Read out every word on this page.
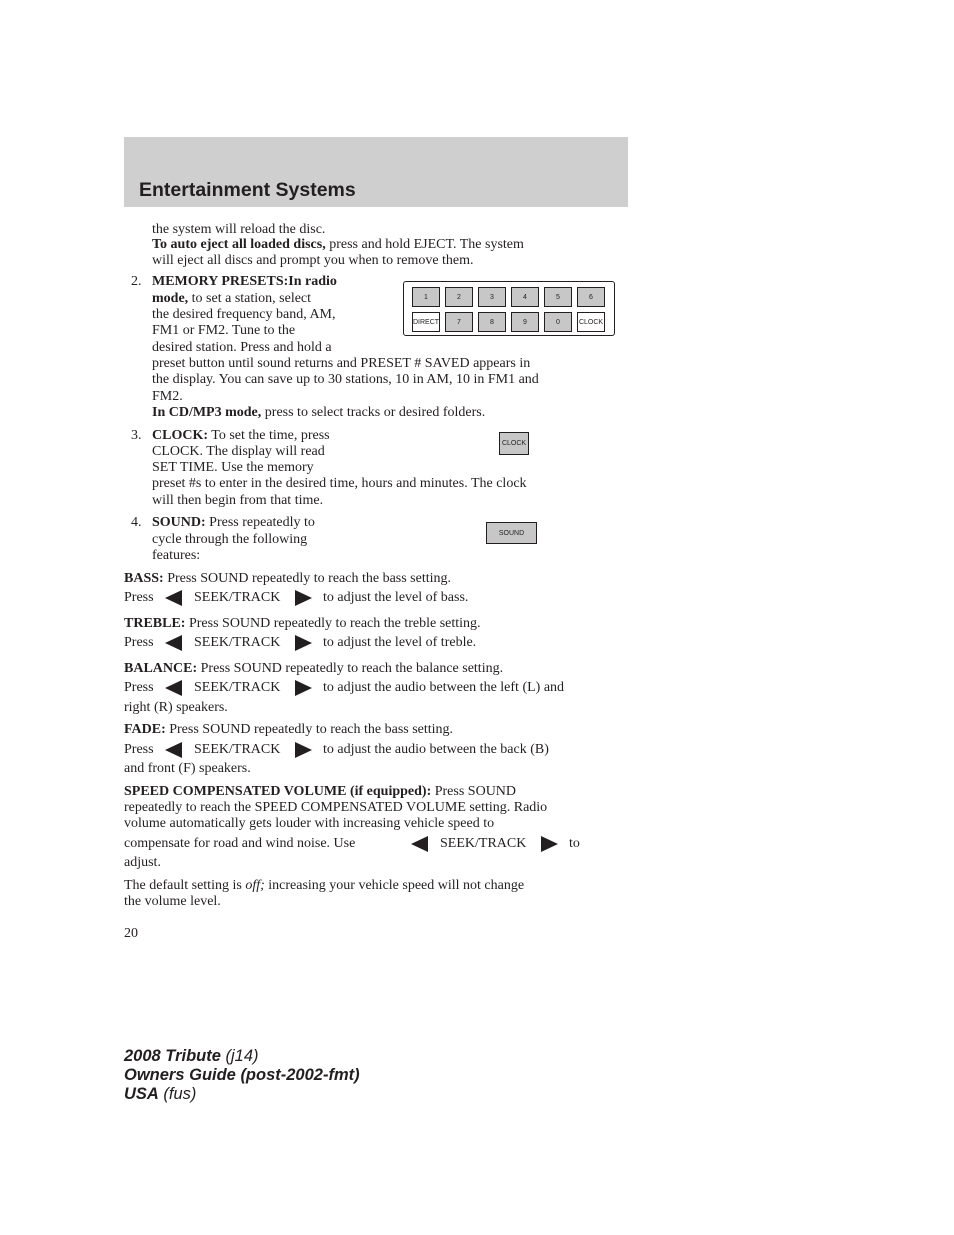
Entertainment Systems
the system will reload the disc.
To auto eject all loaded discs, press and hold EJECT. The system
will eject all discs and prompt you when to remove them.
2. MEMORY PRESETS:In radio
mode, to set a station, select
the desired frequency band, AM,
FM1 or FM2. Tune to the
desired station. Press and hold a
preset button until sound returns and PRESET # SAVED appears in
the display. You can save up to 30 stations, 10 in AM, 10 in FM1 and
FM2.
In CD/MP3 mode, press to select tracks or desired folders.
1	2	3	4	5	6
DIRECT	7	8	9	0	CLOCK
3. CLOCK: To set the time, press
CLOCK. The display will read
SET TIME. Use the memory
preset #s to enter in the desired time, hours and minutes. The clock
will then begin from that time.
CLOCK
4. SOUND: Press repeatedly to
cycle through the following
features:
SOUND
BASS: Press SOUND repeatedly to reach the bass setting.
Press	SEEK/TRACK	to adjust the level of bass.
TREBLE: Press SOUND repeatedly to reach the treble setting.
Press	SEEK/TRACK	to adjust the level of treble.
BALANCE: Press SOUND repeatedly to reach the balance setting.
Press	SEEK/TRACK	to adjust the audio between the left (L) and
right (R) speakers.
FADE: Press SOUND repeatedly to reach the bass setting.
Press	SEEK/TRACK	to adjust the audio between the back (B)
and front (F) speakers.
SPEED COMPENSATED VOLUME (if equipped): Press SOUND
repeatedly to reach the SPEED COMPENSATED VOLUME setting. Radio
volume automatically gets louder with increasing vehicle speed to
compensate for road and wind noise. Use	SEEK/TRACK	to
adjust.
The default setting is off; increasing your vehicle speed will not change
the volume level.
20
2008 Tribute (j14)
Owners Guide (post-2002-fmt)
USA (fus)
